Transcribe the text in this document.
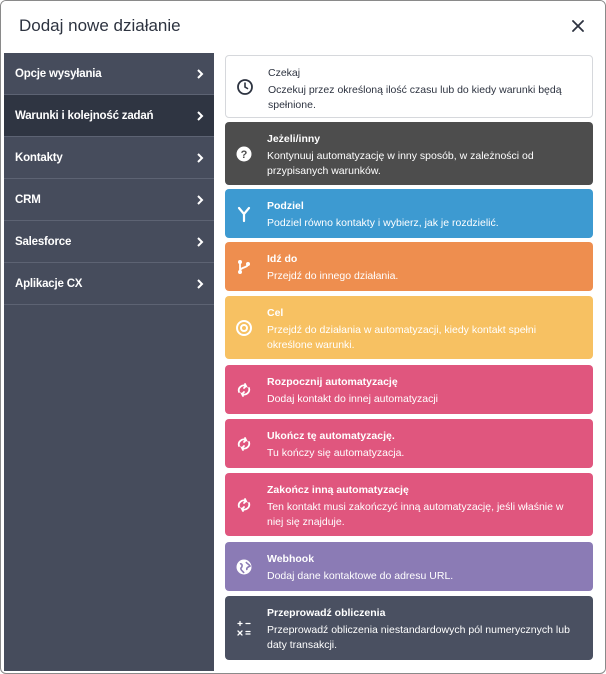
Dodaj nowe działanie
Opcje wysyłania
Warunki i kolejność zadań
Kontakty
CRM
Salesforce
Aplikacje CX
Czekaj
Oczekuj przez określoną ilość czasu lub do kiedy warunki będą spełnione.
?
Jeżeli/inny
Kontynuuj automatyzację w inny sposób, w zależności od przypisanych warunków.
Podziel
Podziel równo kontakty i wybierz, jak je rozdzielić.
Idź do
Przejdź do innego działania.
Cel
Przejdź do działania w automatyzacji, kiedy kontakt spełni określone warunki.
Rozpocznij automatyzację
Dodaj kontakt do innej automatyzacji
Ukończ tę automatyzację.
Tu kończy się automatyzacja.
Zakończ inną automatyzację
Ten kontakt musi zakończyć inną automatyzację, jeśli właśnie w niej się znajduje.
Webhook
Dodaj dane kontaktowe do adresu URL.
Przeprowadź obliczenia
Przeprowadź obliczenia niestandardowych pól numerycznych lub daty transakcji.
